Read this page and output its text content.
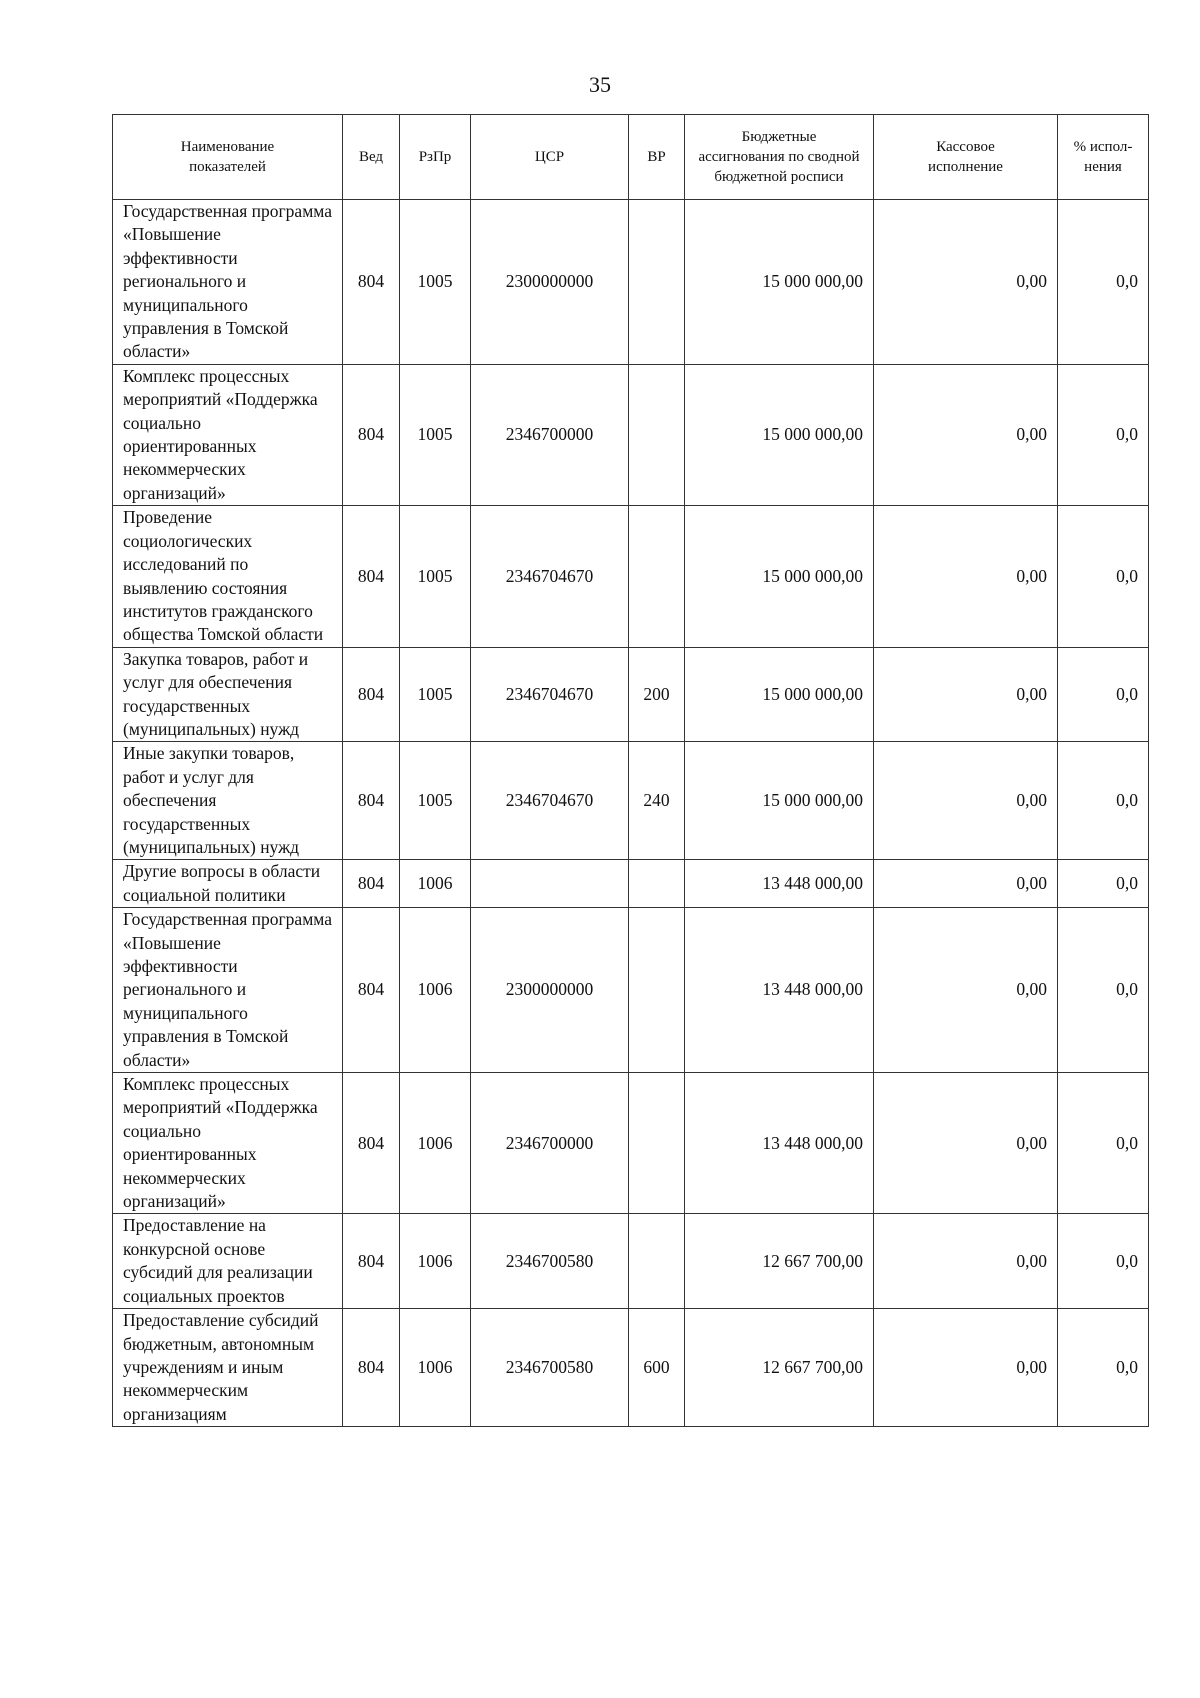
35
Наименование показателей	Вед	РзПр	ЦСР	ВР	Бюджетные ассигнования по сводной бюджетной росписи	Кассовое исполнение	% испол-нения
Государственная программа «Повышение эффективности регионального и муниципального управления в Томской области»	804	1005	2300000000		15 000 000,00	0,00	0,0
Комплекс процессных мероприятий «Поддержка социально ориентированных некоммерческих организаций»	804	1005	2346700000		15 000 000,00	0,00	0,0
Проведение социологических исследований по выявлению состояния институтов гражданского общества Томской области	804	1005	2346704670		15 000 000,00	0,00	0,0
Закупка товаров, работ и услуг для обеспечения государственных (муниципальных) нужд	804	1005	2346704670	200	15 000 000,00	0,00	0,0
Иные закупки товаров, работ и услуг для обеспечения государственных (муниципальных) нужд	804	1005	2346704670	240	15 000 000,00	0,00	0,0
Другие вопросы в области социальной политики	804	1006			13 448 000,00	0,00	0,0
Государственная программа «Повышение эффективности регионального и муниципального управления в Томской области»	804	1006	2300000000		13 448 000,00	0,00	0,0
Комплекс процессных мероприятий «Поддержка социально ориентированных некоммерческих организаций»	804	1006	2346700000		13 448 000,00	0,00	0,0
Предоставление на конкурсной основе субсидий для реализации социальных проектов	804	1006	2346700580		12 667 700,00	0,00	0,0
Предоставление субсидий бюджетным, автономным учреждениям и иным некоммерческим организациям	804	1006	2346700580	600	12 667 700,00	0,00	0,0
